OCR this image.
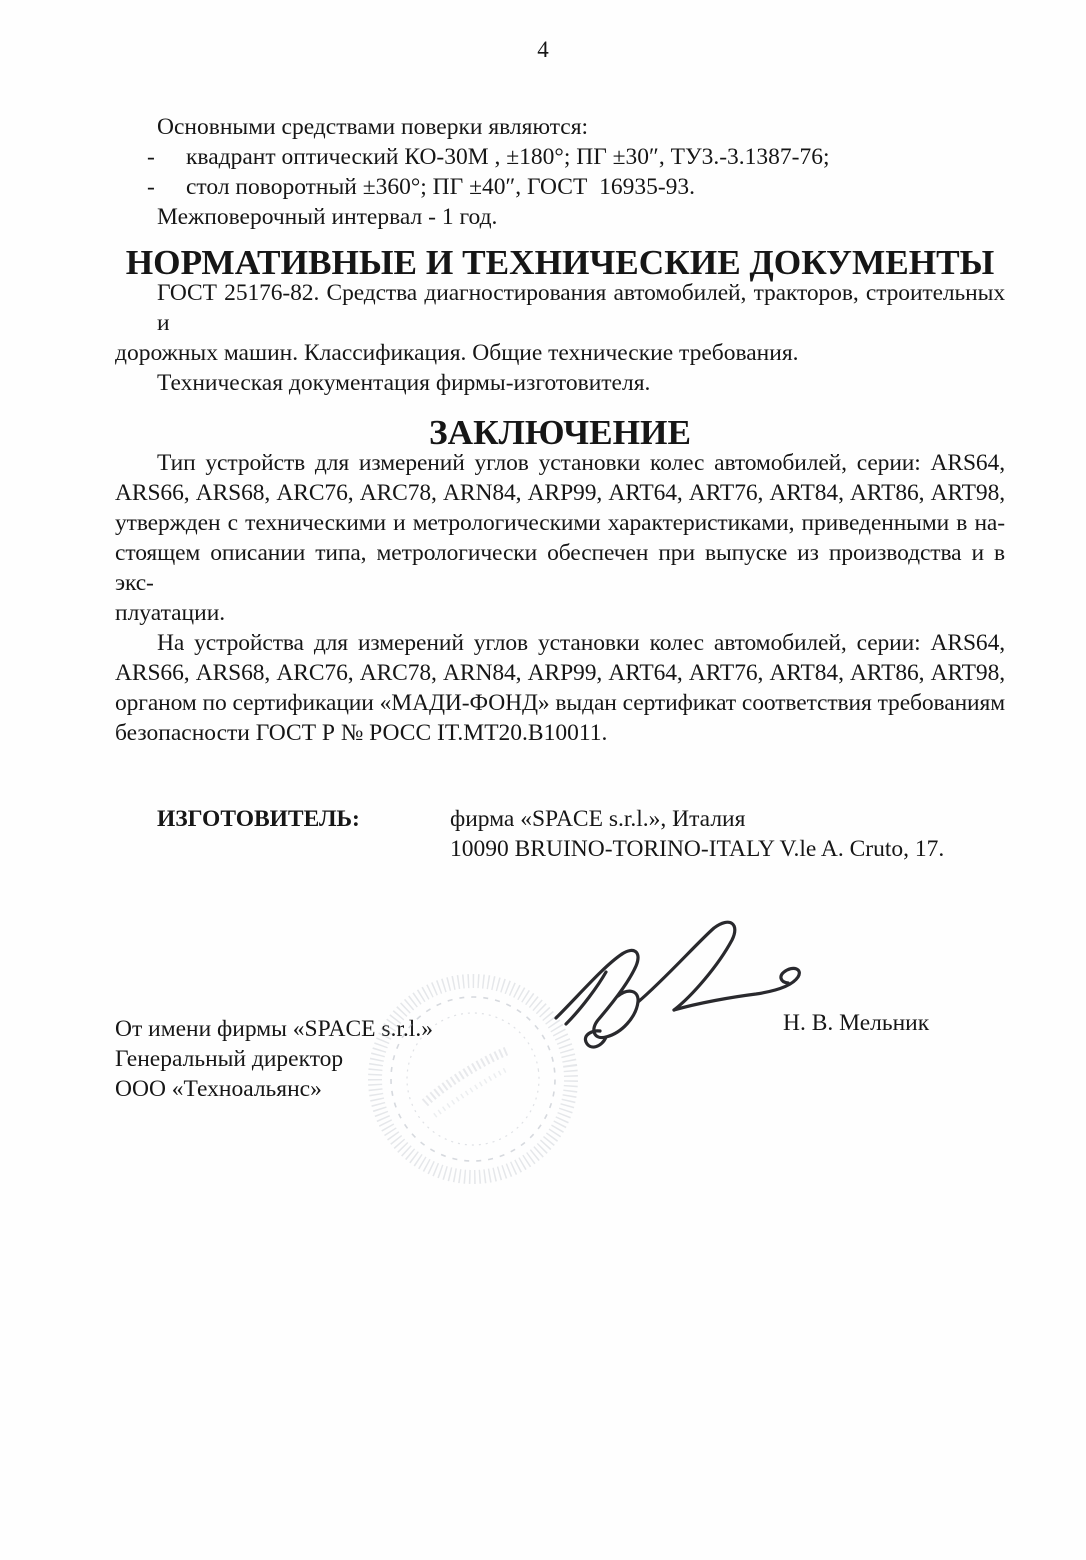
4

Основными средствами поверки являются:

-	квадрант оптический КО-30М , ±180°; ПГ ±30″, ТУ3.-3.1387-76;
-	стол поворотный ±360°; ПГ ±40″, ГОСТ  16935-93.

Межповерочный интервал - 1 год.

НОРМАТИВНЫЕ И ТЕХНИЧЕСКИЕ ДОКУМЕНТЫ

ГОСТ 25176-82. Средства диагностирования автомобилей, тракторов, строительных и

дорожных машин. Классификация. Общие технические требования.

Техническая документация фирмы-изготовителя.

ЗАКЛЮЧЕНИЕ

Тип устройств для измерений углов установки колес автомобилей, серии: ARS64,

ARS66, ARS68, ARC76, ARC78, ARN84, ARP99, ART64, ART76, ART84, ART86, ART98,

утвержден с техническими и метрологическими характеристиками, приведенными в на-

стоящем описании типа, метрологически обеспечен при выпуске из производства и в экс-

плуатации.

На устройства для измерений углов установки колес автомобилей, серии: ARS64,

ARS66, ARS68, ARC76, ARC78, ARN84, ARP99, ART64, ART76, ART84, ART86, ART98,

органом по сертификации «МАДИ-ФОНД» выдан сертификат соответствия требованиям

безопасности ГОСТ Р № РОСС IT.МТ20.В10011.

ИЗГОТОВИТЕЛЬ:	фирма «SPACE s.r.l.», Италия

10090 BRUINO-TORINO-ITALY V.le A. Cruto, 17.

От имени фирмы «SPACE s.r.l.»

Генеральный директор

ООО «Техноальянс»

Н. В. Мельник
